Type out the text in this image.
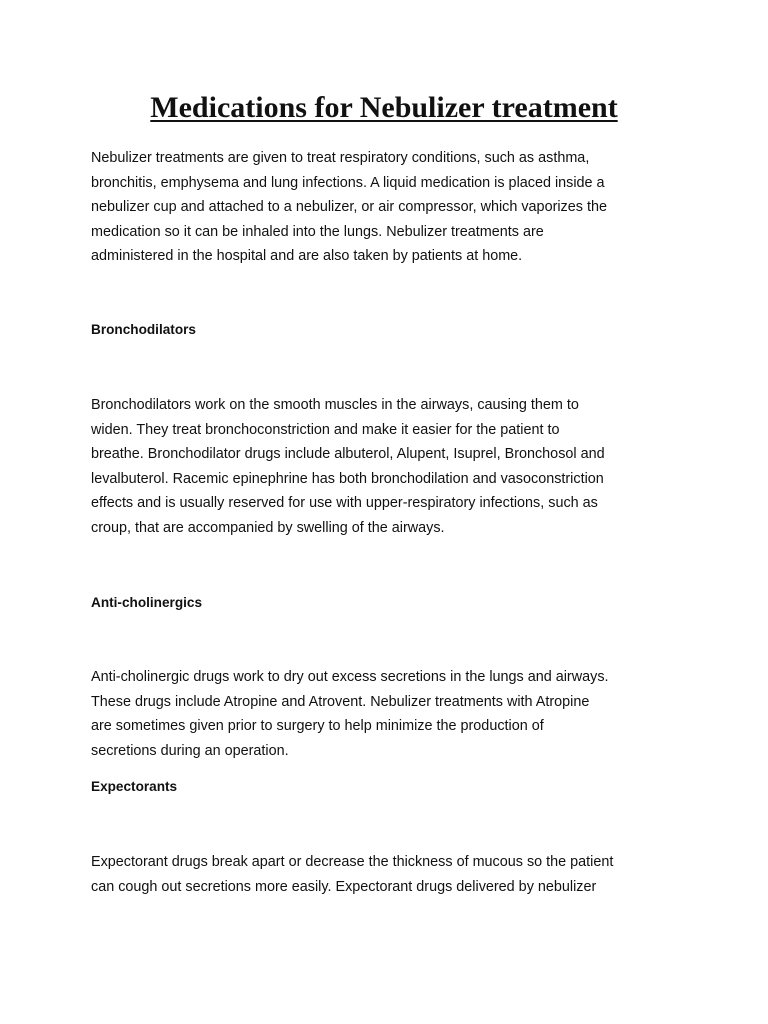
Medications for Nebulizer treatment

Nebulizer treatments are given to treat respiratory conditions, such as asthma,
bronchitis, emphysema and lung infections. A liquid medication is placed inside a
nebulizer cup and attached to a nebulizer, or air compressor, which vaporizes the
medication so it can be inhaled into the lungs. Nebulizer treatments are
administered in the hospital and are also taken by patients at home.

Bronchodilators

Bronchodilators work on the smooth muscles in the airways, causing them to
widen. They treat bronchoconstriction and make it easier for the patient to
breathe. Bronchodilator drugs include albuterol, Alupent, Isuprel, Bronchosol and
levalbuterol. Racemic epinephrine has both bronchodilation and vasoconstriction
effects and is usually reserved for use with upper-respiratory infections, such as
croup, that are accompanied by swelling of the airways.

Anti-cholinergics

Anti-cholinergic drugs work to dry out excess secretions in the lungs and airways.
These drugs include Atropine and Atrovent. Nebulizer treatments with Atropine
are sometimes given prior to surgery to help minimize the production of
secretions during an operation.

Expectorants

Expectorant drugs break apart or decrease the thickness of mucous so the patient
can cough out secretions more easily. Expectorant drugs delivered by nebulizer
